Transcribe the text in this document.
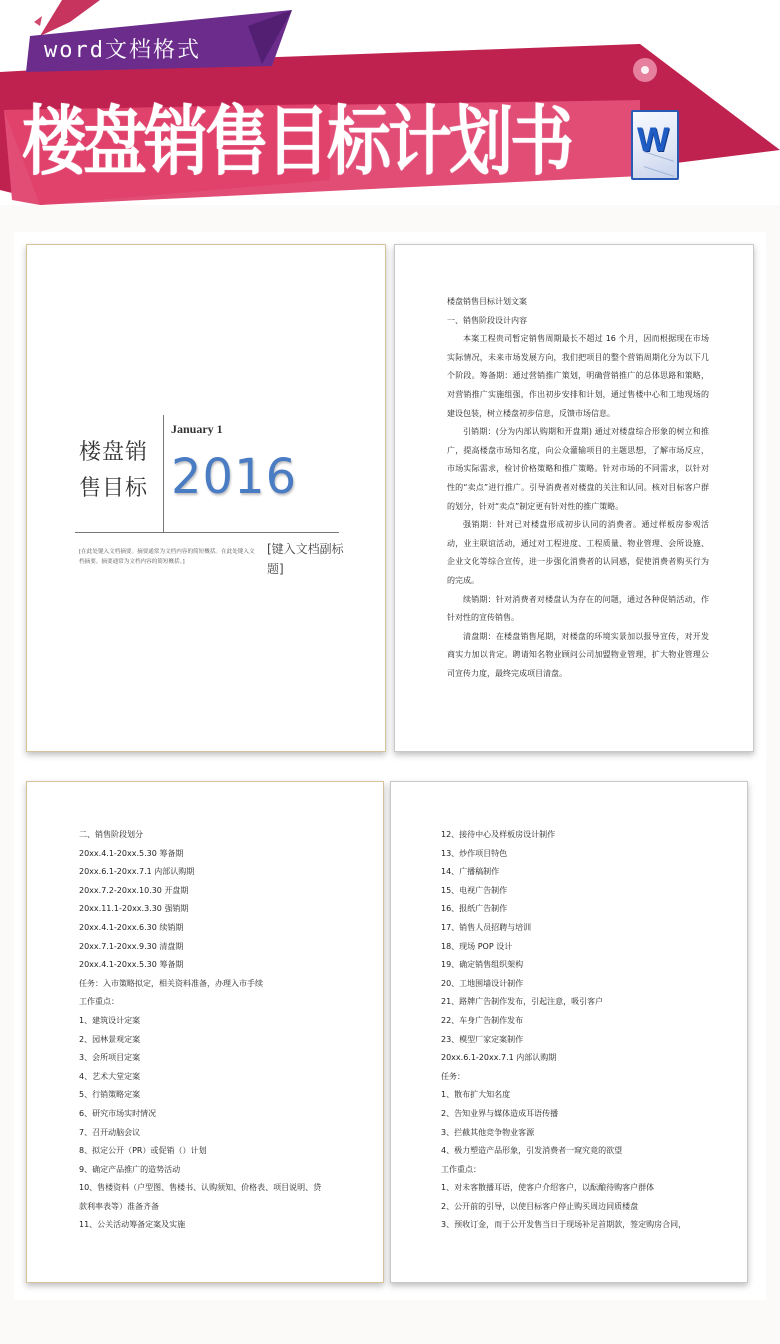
word文档格式
楼盘销售目标计划书 W
楼盘销售目标
January 1
2016
[在此处键入文档摘要。摘要通常为文档内容的简短概括。在此处键入文档摘要。摘要通常为文档内容的简短概括。]
[键入文档副标题]
楼盘销售目标计划文案
一、销售阶段设计内容
本案工程贵司暂定销售周期最长不超过 16 个月，因而根据现在市场实际情况，未来市场发展方向，我们把项目的整个营销周期化分为以下几个阶段。筹备期：通过营销推广策划，明确营销推广的总体思路和策略，对营销推广实施组强，作出初步安排和计划，通过售楼中心和工地现场的建设包装，树立楼盘初步信息，反馈市场信息。
引销期：(分为内部认购期和开盘期) 通过对楼盘综合形象的树立和推广，提高楼盘市场知名度，向公众灌输项目的主题思想，了解市场反应，市场实际需求，检讨价格策略和推广策略。针对市场的不同需求，以针对性的“卖点”进行推广。引导消费者对楼盘的关注和认同。核对目标客户群的划分，针对“卖点”制定更有针对性的推广策略。
强销期：针对已对楼盘形成初步认同的消费者。通过样板房参观活动，业主联谊活动，通过对工程进度、工程质量、物业管理、会所设施、企业文化等综合宣传，进一步强化消费者的认同感，促使消费者购买行为的完成。
续销期：针对消费者对楼盘认为存在的问题，通过各种促销活动，作针对性的宣传销售。
清盘期：在楼盘销售尾期，对楼盘的环境实景加以报导宣传，对开发商实力加以肯定。聘请知名物业顾问公司加盟物业管理，扩大物业管理公司宣传力度，最终完成项目清盘。
二、销售阶段划分
20xx.4.1-20xx.5.30 筹备期
20xx.6.1-20xx.7.1 内部认购期
20xx.7.2-20xx.10.30 开盘期
20xx.11.1-20xx.3.30 强销期
20xx.4.1-20xx.6.30 续销期
20xx.7.1-20xx.9.30 清盘期
20xx.4.1-20xx.5.30 筹备期
任务：入市策略拟定，相关资料准备，办理入市手续
工作重点：
1、建筑设计定案
2、园林景观定案
3、会所项目定案
4、艺术大堂定案
5、行销策略定案
6、研究市场实时情况
7、召开动脑会议
8、拟定公开（PR）或促销（）计划
9、确定产品推广的造势活动
10、售楼资料（户型图、售楼书、认购须知、价格表、项目说明、贷
款利率表等）准备齐备
11、公关活动筹备定案及实施
12、接待中心及样板房设计制作
13、炒作项目特色
14、广播稿制作
15、电视广告制作
16、报纸广告制作
17、销售人员招聘与培训
18、现场 POP 设计
19、确定销售组织架构
20、工地围墙设计制作
21、路牌广告制作发布，引起注意，吸引客户
22、车身广告制作发布
23、模型厂家定案制作
20xx.6.1-20xx.7.1 内部认购期
任务：
1、散布扩大知名度
2、告知业界与媒体造成耳语传播
3、拦截其他竞争物业客源
4、极力塑造产品形象，引发消费者一窥究竟的欲望
工作重点：
1、对未客散播耳语，使客户介绍客户，以酝酿待购客户群体
2、公开前的引导，以使目标客户停止购买周边同质楼盘
3、预收订金，而于公开发售当日于现场补足首期款，签定购房合同，
